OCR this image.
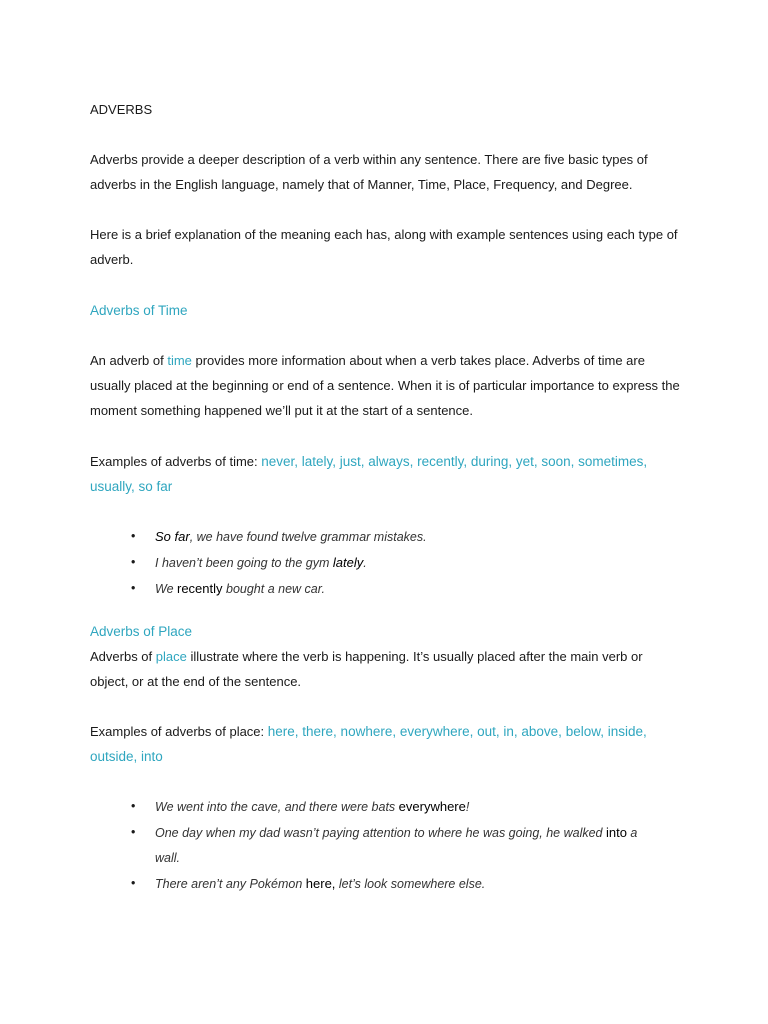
ADVERBS

Adverbs provide a deeper description of a verb within any sentence. There are five basic types of adverbs in the English language, namely that of Manner, Time, Place, Frequency, and Degree.

Here is a brief explanation of the meaning each has, along with example sentences using each type of adverb.

Adverbs of Time

An adverb of time provides more information about when a verb takes place. Adverbs of time are usually placed at the beginning or end of a sentence. When it is of particular importance to express the moment something happened we’ll put it at the start of a sentence.

Examples of adverbs of time: never, lately, just, always, recently, during, yet, soon, sometimes, usually, so far

• So far, we have found twelve grammar mistakes.
• I haven’t been going to the gym lately.
• We recently bought a new car.

Adverbs of Place

Adverbs of place illustrate where the verb is happening. It’s usually placed after the main verb or object, or at the end of the sentence.

Examples of adverbs of place: here, there, nowhere, everywhere, out, in, above, below, inside, outside, into

• We went into the cave, and there were bats everywhere!
• One day when my dad wasn’t paying attention to where he was going, he walked into a wall.
• There aren’t any Pokémon here, let’s look somewhere else.
